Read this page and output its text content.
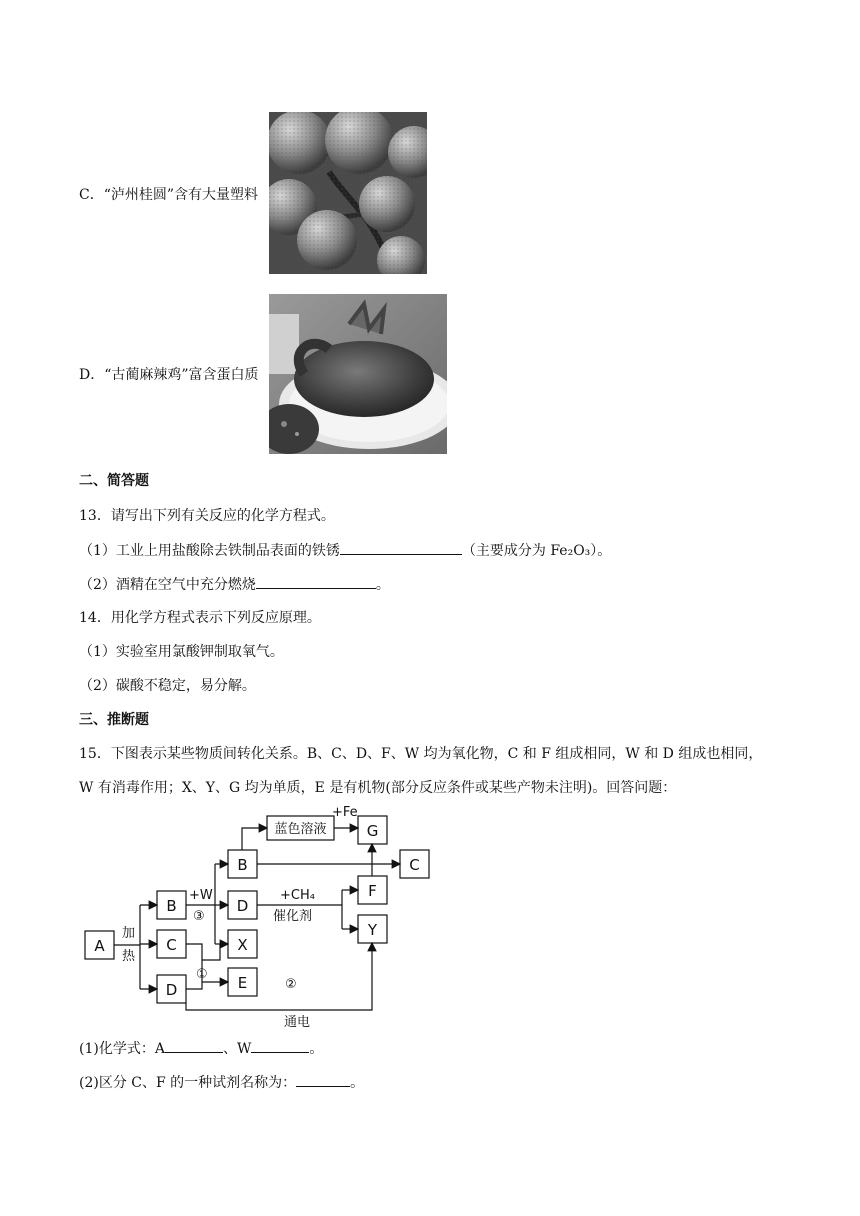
C．“泸州桂圆”含有大量塑料
D．“古蔺麻辣鸡”富含蛋白质
二、简答题
13．请写出下列有关反应的化学方程式。
（1）工业上用盐酸除去铁制品表面的铁锈	（主要成分为 Fe₂O₃）。
（2）酒精在空气中充分燃烧	。
14．用化学方程式表示下列反应原理。
（1）实验室用氯酸钾制取氧气。
（2）碳酸不稳定，易分解。
三、推断题
15．下图表示某些物质间转化关系。B、C、D、F、W 均为氧化物，C 和 F 组成相同，W 和 D 组成也相同，
W 有消毒作用；X、Y、G 均为单质，E 是有机物(部分反应条件或某些产物未注明)。回答问题：
A
B
C
D
B
D
X
E
蓝色溶液	G
C
F
Y
加
热
+W
③
①
②
+Fe
+CH₄
催化剂
通电
(1)化学式：A	、W	。
(2)区分 C、F 的一种试剂名称为：	。
